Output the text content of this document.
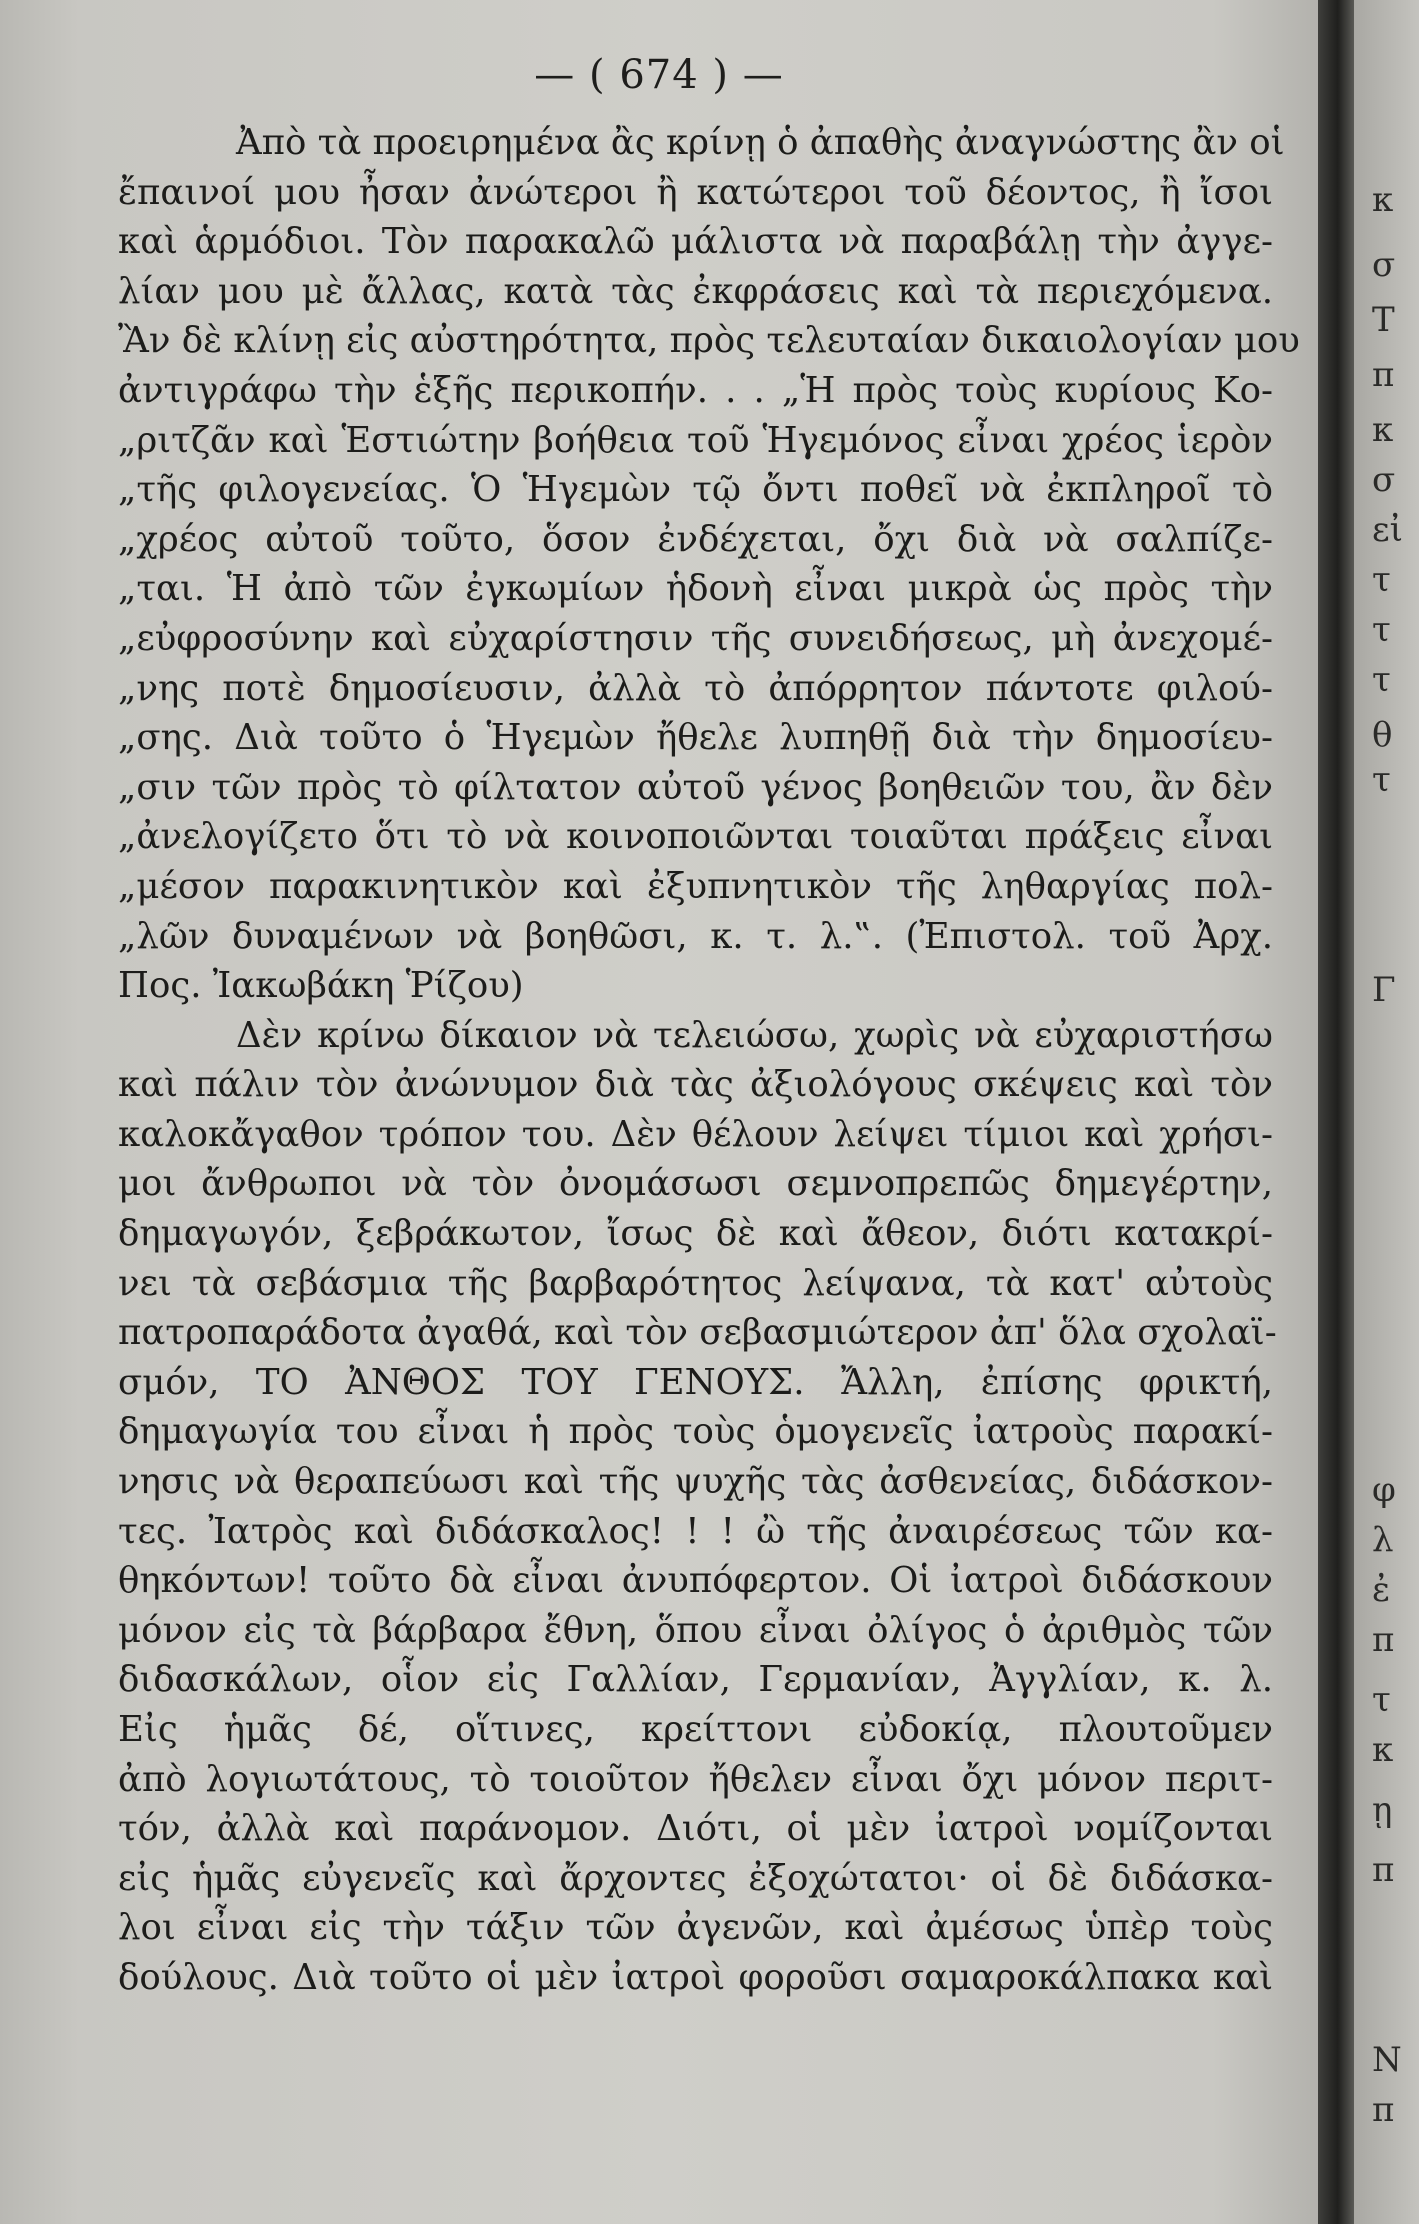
— ( 674 ) —
Ἀπὸ τὰ προειρημένα ἂς κρίνῃ ὁ ἀπαθὴς ἀναγνώστης ἂν οἱ
ἔπαινοί μου ἦσαν ἀνώτεροι ἢ κατώτεροι τοῦ δέοντος, ἢ ἴσοι
καὶ ἁρμόδιοι. Τὸν παρακαλῶ μάλιστα νὰ παραβάλῃ τὴν ἀγγε-
λίαν μου μὲ ἄλλας, κατὰ τὰς ἐκφράσεις καὶ τὰ περιεχόμενα.
Ἂν δὲ κλίνῃ εἰς αὐστηρότητα, πρὸς τελευταίαν δικαιολογίαν μου
ἀντιγράφω τὴν ἑξῆς περικοπήν. . . „Ἡ πρὸς τοὺς κυρίους Κο-
„ριτζᾶν καὶ Ἑστιώτην βοήθεια τοῦ Ἡγεμόνος εἶναι χρέος ἱερὸν
„τῆς φιλογενείας. Ὁ Ἡγεμὼν τῷ ὄντι ποθεῖ νὰ ἐκπληροῖ τὸ
„χρέος αὐτοῦ τοῦτο, ὅσον ἐνδέχεται, ὄχι διὰ νὰ σαλπίζε-
„ται. Ἡ ἀπὸ τῶν ἐγκωμίων ἡδονὴ εἶναι μικρὰ ὡς πρὸς τὴν
„εὐφροσύνην καὶ εὐχαρίστησιν τῆς συνειδήσεως, μὴ ἀνεχομέ-
„νης ποτὲ δημοσίευσιν, ἀλλὰ τὸ ἀπόρρητον πάντοτε φιλού-
„σης. Διὰ τοῦτο ὁ Ἡγεμὼν ἤθελε λυπηθῇ διὰ τὴν δημοσίευ-
„σιν τῶν πρὸς τὸ φίλτατον αὐτοῦ γένος βοηθειῶν του, ἂν δὲν
„ἀνελογίζετο ὅτι τὸ νὰ κοινοποιῶνται τοιαῦται πράξεις εἶναι
„μέσον παρακινητικὸν καὶ ἐξυπνητικὸν τῆς ληθαργίας πολ-
„λῶν δυναμένων νὰ βοηθῶσι, κ. τ. λ.‟. (Ἐπιστολ. τοῦ Ἀρχ.
Πος. Ἰακωβάκη Ῥίζου)
Δὲν κρίνω δίκαιον νὰ τελειώσω, χωρὶς νὰ εὐχαριστήσω
καὶ πάλιν τὸν ἀνώνυμον διὰ τὰς ἀξιολόγους σκέψεις καὶ τὸν
καλοκἄγαθον τρόπον του. Δὲν θέλουν λείψει τίμιοι καὶ χρήσι-
μοι ἄνθρωποι νὰ τὸν ὀνομάσωσι σεμνοπρεπῶς δημεγέρτην,
δημαγωγόν, ξεβράκωτον, ἴσως δὲ καὶ ἄθεον, διότι κατακρί-
νει τὰ σεβάσμια τῆς βαρβαρότητος λείψανα, τὰ κατ' αὐτοὺς
πατροπαράδοτα ἀγαθά, καὶ τὸν σεβασμιώτερον ἀπ' ὅλα σχολαϊ-
σμόν, ΤΟ ἈΝΘΟΣ ΤΟΥ ΓΕΝΟΥΣ. Ἄλλη, ἐπίσης φρικτή,
δημαγωγία του εἶναι ἡ πρὸς τοὺς ὁμογενεῖς ἰατροὺς παρακί-
νησις νὰ θεραπεύωσι καὶ τῆς ψυχῆς τὰς ἀσθενείας, διδάσκον-
τες. Ἰατρὸς καὶ διδάσκαλος! ! ! ὢ τῆς ἀναιρέσεως τῶν κα-
θηκόντων! τοῦτο δὰ εἶναι ἀνυπόφερτον. Οἱ ἰατροὶ διδάσκουν
μόνον εἰς τὰ βάρβαρα ἔθνη, ὅπου εἶναι ὀλίγος ὁ ἀριθμὸς τῶν
διδασκάλων, οἷον εἰς Γαλλίαν, Γερμανίαν, Ἀγγλίαν, κ. λ.
Εἰς ἡμᾶς δέ, οἵτινες, κρείττονι εὐδοκίᾳ, πλουτοῦμεν
ἀπὸ λογιωτάτους, τὸ τοιοῦτον ἤθελεν εἶναι ὄχι μόνον περιτ-
τόν, ἀλλὰ καὶ παράνομον. Διότι, οἱ μὲν ἰατροὶ νομίζονται
εἰς ἡμᾶς εὐγενεῖς καὶ ἄρχοντες ἐξοχώτατοι· οἱ δὲ διδάσκα-
λοι εἶναι εἰς τὴν τάξιν τῶν ἀγενῶν, καὶ ἀμέσως ὑπὲρ τοὺς
δούλους. Διὰ τοῦτο οἱ μὲν ἰατροὶ φοροῦσι σαμαροκάλπακα καὶ
κ
σ
Τ
π
κ
σ
εἰ
τ
τ
τ
θ
τ
Γ
φ
λ
ἐ
π
τ
κ
ῃ
π
Ν
π
